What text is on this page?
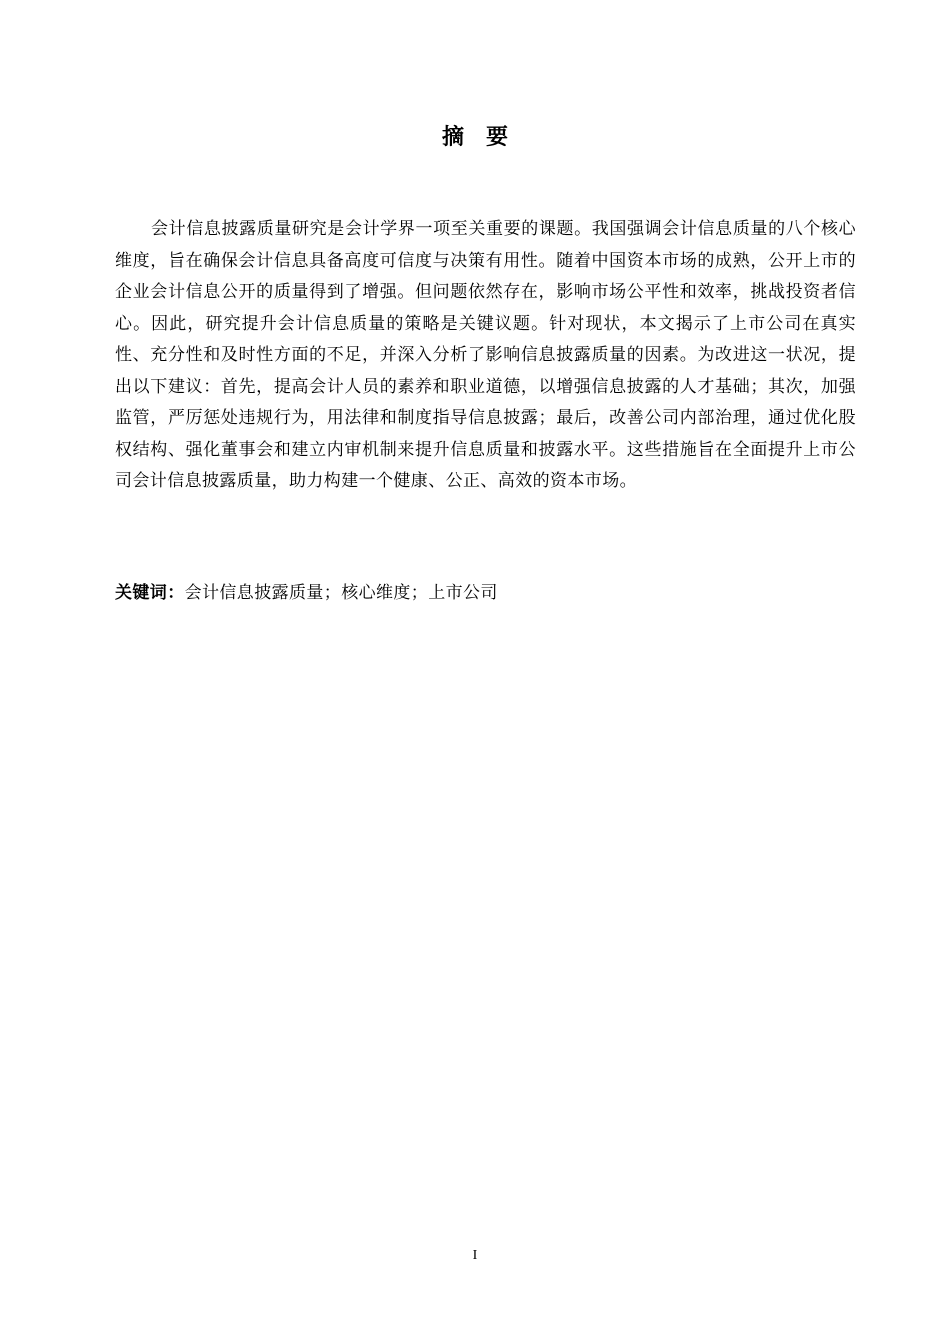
摘要

会计信息披露质量研究是会计学界一项至关重要的课题。我国强调会计信息质量的八个核心维度，旨在确保会计信息具备高度可信度与决策有用性。随着中国资本市场的成熟，公开上市的企业会计信息公开的质量得到了增强。但问题依然存在，影响市场公平性和效率，挑战投资者信心。因此，研究提升会计信息质量的策略是关键议题。针对现状，本文揭示了上市公司在真实性、充分性和及时性方面的不足，并深入分析了影响信息披露质量的因素。为改进这一状况，提出以下建议：首先，提高会计人员的素养和职业道德，以增强信息披露的人才基础；其次，加强监管，严厉惩处违规行为，用法律和制度指导信息披露；最后，改善公司内部治理，通过优化股权结构、强化董事会和建立内审机制来提升信息质量和披露水平。这些措施旨在全面提升上市公司会计信息披露质量，助力构建一个健康、公正、高效的资本市场。

关键词：会计信息披露质量；核心维度；上市公司
I
